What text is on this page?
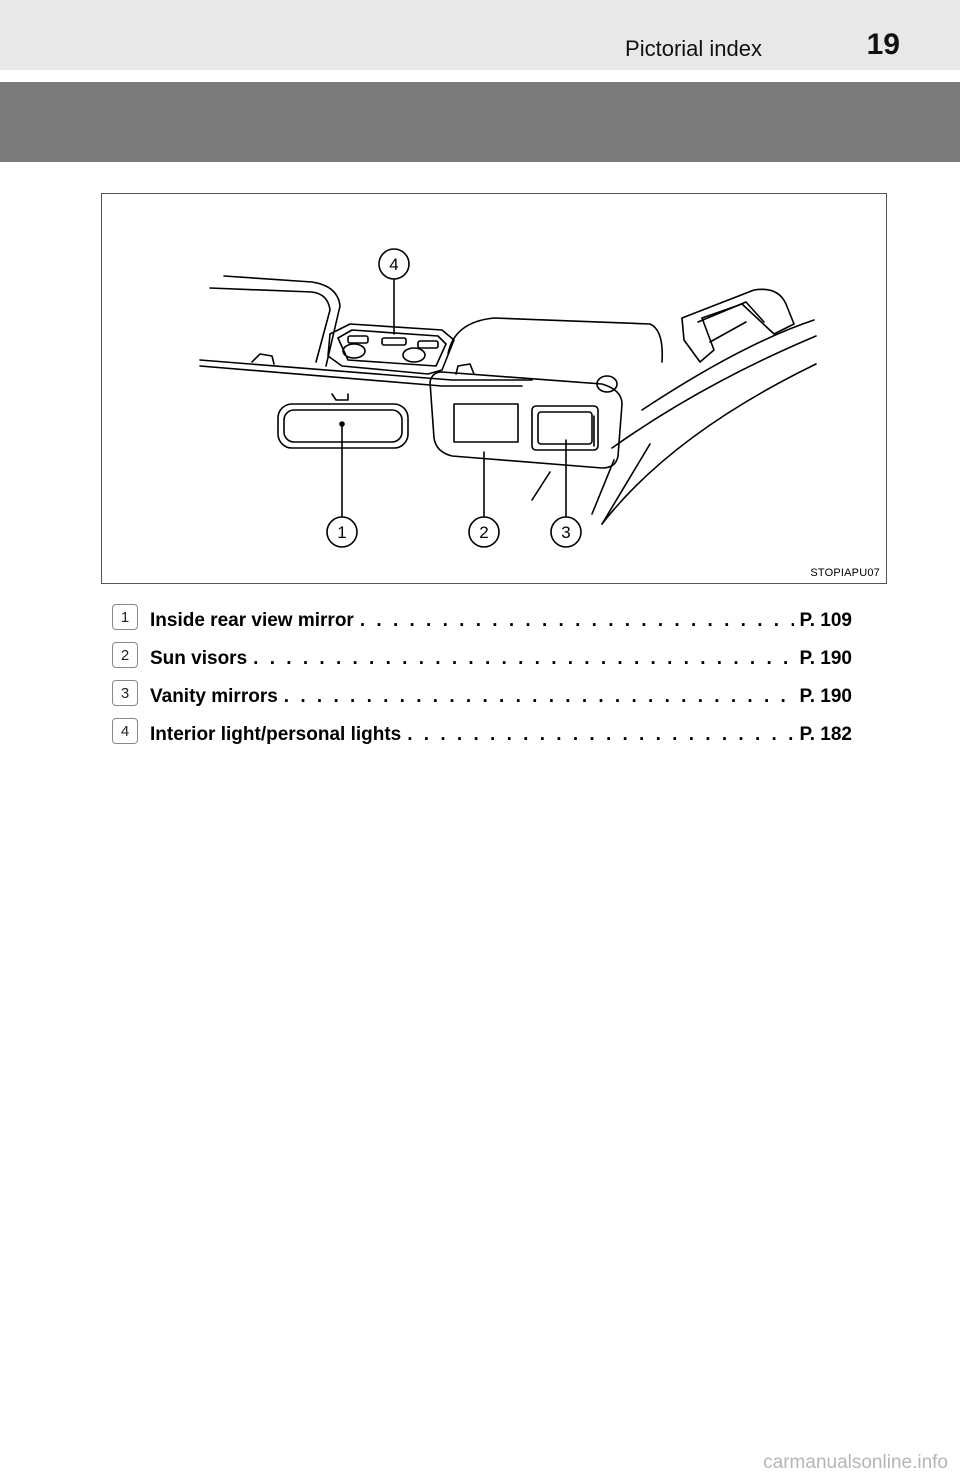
Pictorial index	19
4
1	2	3
STOPIAPU07
1	Inside rear view mirror . . .	P. 109
2	Sun visors . . .	P. 190
3	Vanity mirrors . . .	P. 190
4	Interior light/personal lights . . .	P. 182
carmanualsonline.info
